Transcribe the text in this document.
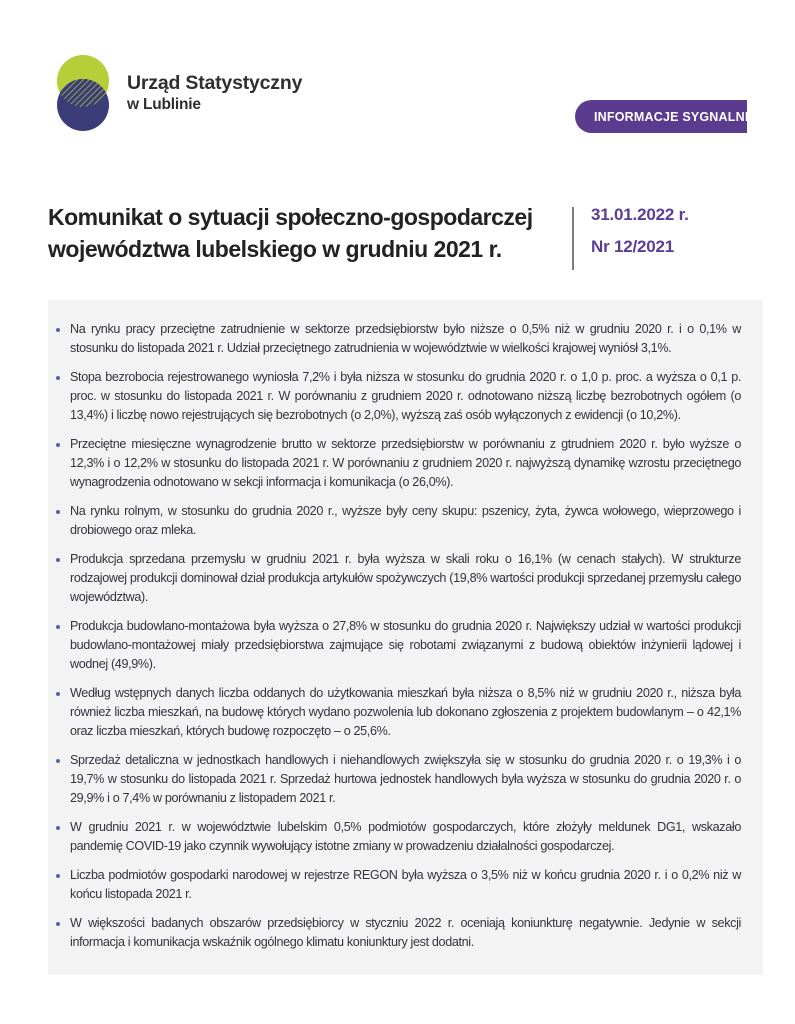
Urząd Statystyczny
w Lublinie
INFORMACJE SYGNALNE
Komunikat o sytuacji społeczno-gospodarczej
województwa lubelskiego w grudniu 2021 r.
31.01.2022 r.
Nr 12/2021
Na rynku pracy przeciętne zatrudnienie w sektorze przedsiębiorstw było niższe o 0,5% niż w grudniu 2020 r. i o 0,1% w stosunku do listopada 2021 r. Udział przeciętnego zatrudnienia w województwie w wielkości krajowej wyniósł 3,1%.
Stopa bezrobocia rejestrowanego wyniosła 7,2% i była niższa w stosunku do grudnia 2020 r. o 1,0 p. proc. a wyższa o 0,1 p. proc. w stosunku do listopada 2021 r. W porównaniu z grudniem 2020 r. odnotowano niższą liczbę bezrobotnych ogółem (o 13,4%) i liczbę nowo rejestrujących się bezrobotnych (o 2,0%), wyższą zaś osób wyłączonych z ewidencji (o 10,2%).
Przeciętne miesięczne wynagrodzenie brutto w sektorze przedsiębiorstw w porównaniu z gtrudniem 2020 r. było wyższe o 12,3% i o 12,2% w stosunku do listopada 2021 r. W porównaniu z grudniem 2020 r. najwyższą dynamikę wzrostu przeciętnego wynagrodzenia odnotowano w sekcji informacja i komunikacja (o 26,0%).
Na rynku rolnym, w stosunku do grudnia 2020 r., wyższe były ceny skupu: pszenicy, żyta, żywca wołowego, wieprzowego i drobiowego oraz mleka.
Produkcja sprzedana przemysłu w grudniu 2021 r. była wyższa w skali roku o 16,1% (w cenach stałych). W strukturze rodzajowej produkcji dominował dział produkcja artykułów spożywczych (19,8% wartości produkcji sprzedanej przemysłu całego województwa).
Produkcja budowlano-montażowa była wyższa o 27,8% w stosunku do grudnia 2020 r. Największy udział w wartości produkcji budowlano-montażowej miały przedsiębiorstwa zajmujące się robotami związanymi z budową obiektów inżynierii lądowej i wodnej (49,9%).
Według wstępnych danych liczba oddanych do użytkowania mieszkań była niższa o 8,5% niż w grudniu 2020 r., niższa była również liczba mieszkań, na budowę których wydano pozwolenia lub dokonano zgłoszenia z projektem budowlanym – o 42,1% oraz liczba mieszkań, których budowę rozpoczęto – o 25,6%.
Sprzedaż detaliczna w jednostkach handlowych i niehandlowych zwiększyła się w stosunku do grudnia 2020 r. o 19,3% i o 19,7% w stosunku do listopada 2021 r. Sprzedaż hurtowa jednostek handlowych była wyższa w stosunku do grudnia 2020 r. o 29,9% i o 7,4% w porównaniu z listopadem 2021 r.
W grudniu 2021 r. w województwie lubelskim 0,5% podmiotów gospodarczych, które złożyły meldunek DG1, wskazało pandemię COVID-19 jako czynnik wywołujący istotne zmiany w prowadzeniu działalności gospodarczej.
Liczba podmiotów gospodarki narodowej w rejestrze REGON była wyższa o 3,5% niż w końcu grudnia 2020 r. i o 0,2% niż w końcu listopada 2021 r.
W większości badanych obszarów przedsiębiorcy w styczniu 2022 r. oceniają koniunkturę negatywnie. Jedynie w sekcji informacja i komunikacja wskaźnik ogólnego klimatu koniunktury jest dodatni.
